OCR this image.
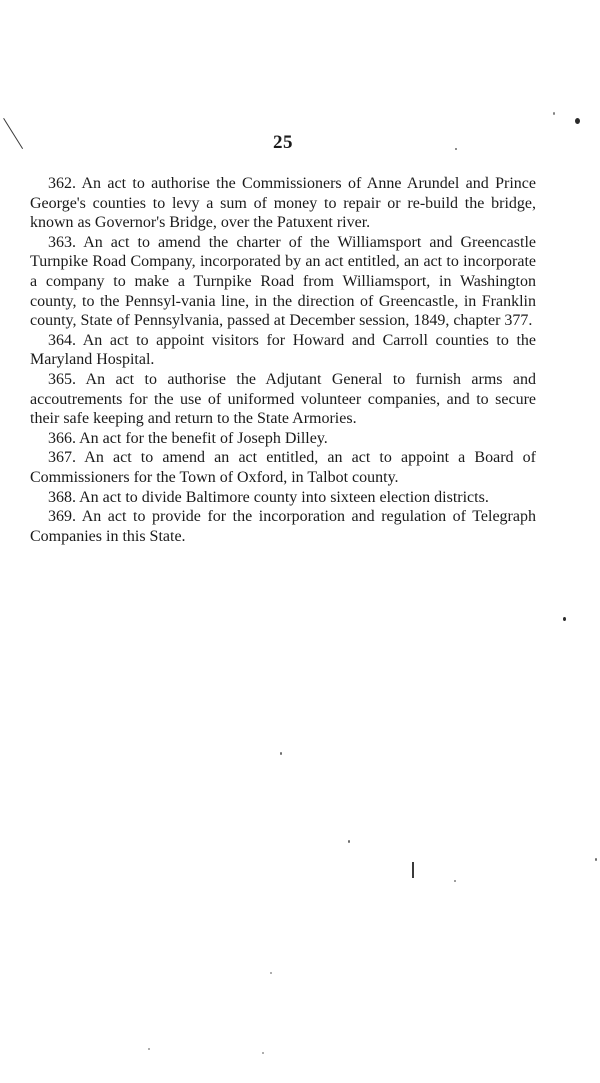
25

362. An act to authorise the Commissioners of Anne Arundel and Prince George's counties to levy a sum of money to repair or re-build the bridge, known as Governor's Bridge, over the Patuxent river.

363. An act to amend the charter of the Williamsport and Greencastle Turnpike Road Company, incorporated by an act entitled, an act to incorporate a company to make a Turnpike Road from Williamsport, in Washington county, to the Pennsyl-vania line, in the direction of Greencastle, in Franklin county, State of Pennsylvania, passed at December session, 1849, chapter 377.

364. An act to appoint visitors for Howard and Carroll counties to the Maryland Hospital.

365. An act to authorise the Adjutant General to furnish arms and accoutrements for the use of uniformed volunteer companies, and to secure their safe keeping and return to the State Armories.

366. An act for the benefit of Joseph Dilley.

367. An act to amend an act entitled, an act to appoint a Board of Commissioners for the Town of Oxford, in Talbot county.

368. An act to divide Baltimore county into sixteen election districts.

369. An act to provide for the incorporation and regulation of Telegraph Companies in this State.
